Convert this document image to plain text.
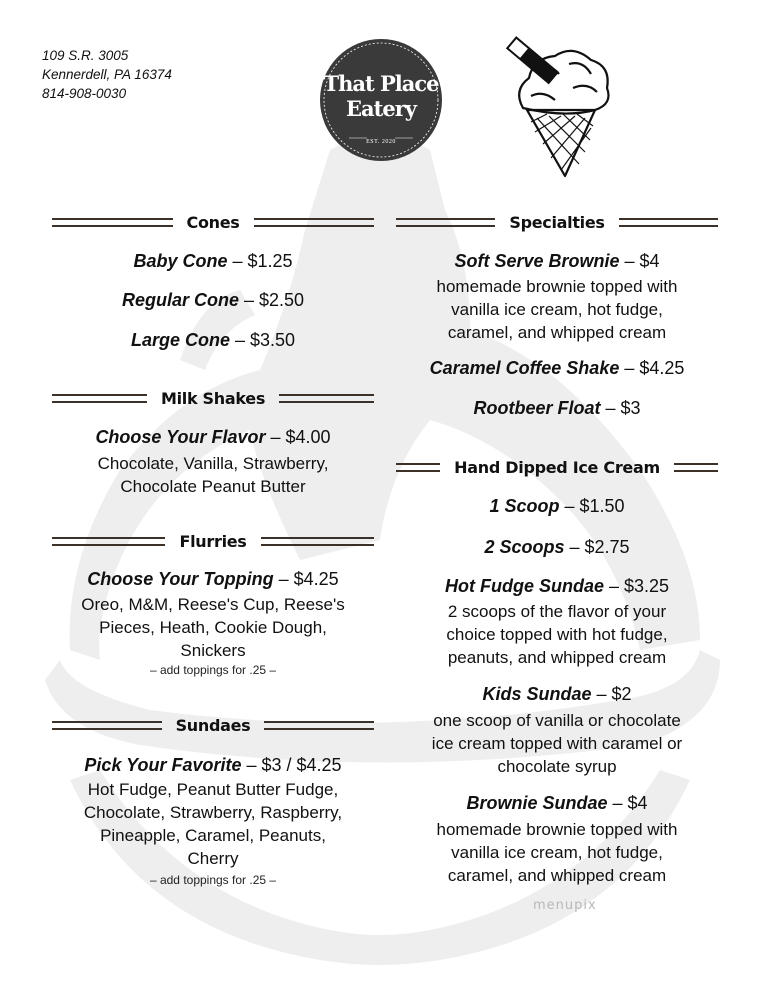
109 S.R. 3005
Kennerdell, PA 16374
814-908-0030	That Place
Eatery
EST. 2020
Cones
Baby Cone – $1.25
Regular Cone – $2.50
Large Cone – $3.50
Milk Shakes
Choose Your Flavor – $4.00
Chocolate, Vanilla, Strawberry,
Chocolate Peanut Butter
Flurries
Choose Your Topping – $4.25
Oreo, M&M, Reese's Cup, Reese's
Pieces, Heath, Cookie Dough,
Snickers
– add toppings for .25 –
Sundaes
Pick Your Favorite – $3 / $4.25
Hot Fudge, Peanut Butter Fudge,
Chocolate, Strawberry, Raspberry,
Pineapple, Caramel, Peanuts,
Cherry
– add toppings for .25 –
Specialties
Soft Serve Brownie – $4
homemade brownie topped with
vanilla ice cream, hot fudge,
caramel, and whipped cream
Caramel Coffee Shake – $4.25
Rootbeer Float – $3
Hand Dipped Ice Cream
1 Scoop – $1.50
2 Scoops – $2.75
Hot Fudge Sundae – $3.25
2 scoops of the flavor of your
choice topped with hot fudge,
peanuts, and whipped cream
Kids Sundae – $2
one scoop of vanilla or chocolate
ice cream topped with caramel or
chocolate syrup
Brownie Sundae – $4
homemade brownie topped with
vanilla ice cream, hot fudge,
caramel, and whipped cream
menupix
